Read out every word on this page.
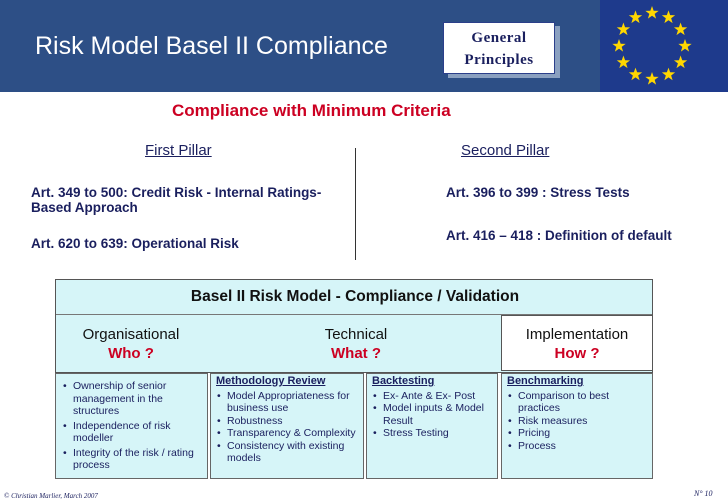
Risk Model Basel II Compliance	General
Principles
Compliance with Minimum Criteria
First Pillar	Second Pillar
Art. 349 to 500: Credit Risk - Internal Ratings-Based Approach
Art. 620 to 639: Operational Risk
Art. 396 to 399 : Stress Tests
Art. 416 – 418 : Definition of default
Basel II Risk Model - Compliance / Validation
Organisational
Who ?
Technical
What ?
Implementation
How ?
• Ownership of senior management in the structures
• Independence of risk modeller
• Integrity of the risk / rating process
Methodology Review
• Model Appropriateness for business use
• Robustness
• Transparency & Complexity
• Consistency with existing models
Backtesting
• Ex- Ante & Ex- Post
• Model inputs & Model Result
• Stress Testing
Benchmarking
• Comparison to best practices
• Risk measures
• Pricing
• Process
© Christian Marlier, March 2007	N° 10
